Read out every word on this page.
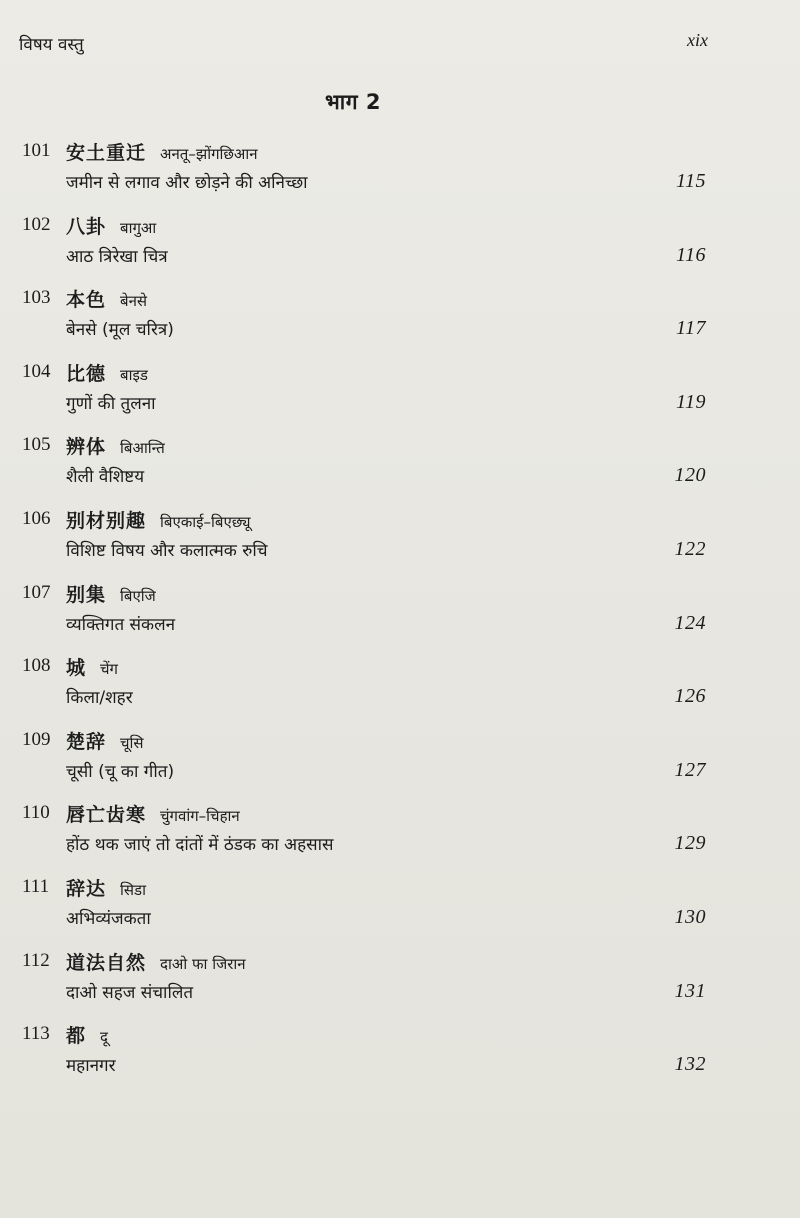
विषय वस्तु	xix
भाग 2
101 安土重迁 अनतू–झोंगछिआन
जमीन से लगाव और छोड़ने की अनिच्छा	115
102 八卦 बागुआ
आठ त्रिरेखा चित्र	116
103 本色 बेनसे
बेनसे (मूल चरित्र)	117
104 比德 बाइड
गुणों की तुलना	119
105 辨体 बिआन्ति
शैली वैशिष्टय	120
106 别材别趣 बिएकाई–बिएछ्यू
विशिष्ट विषय और कलात्मक रुचि	122
107 别集 बिएजि
व्यक्तिगत संकलन	124
108 城 चेंग
किला/शहर	126
109 楚辞 चूसि
चूसी (चू का गीत)	127
110 唇亡齿寒 चुंगवांग–चिहान
होंठ थक जाएं तो दांतों में ठंडक का अहसास	129
111 辞达 सिडा
अभिव्यंजकता	130
112 道法自然 दाओ फा जिरान
दाओ सहज संचालित	131
113 都 दू
महानगर	132
